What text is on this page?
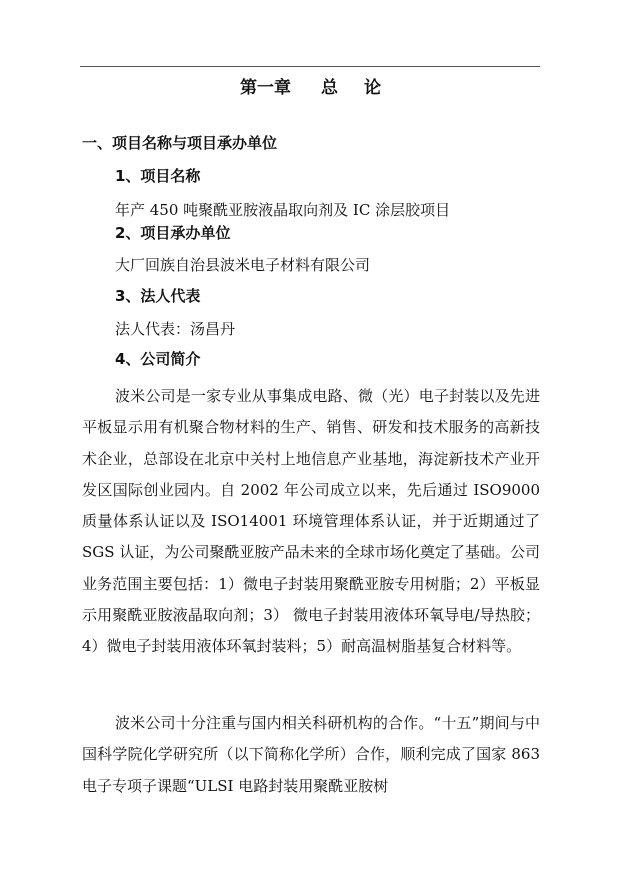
第一章 总 论
一、项目名称与项目承办单位
1、项目名称
年产 450 吨聚酰亚胺液晶取向剂及 IC 涂层胶项目
2、项目承办单位
大厂回族自治县波米电子材料有限公司
3、法人代表
法人代表：汤昌丹
4、公司简介

波米公司是一家专业从事集成电路、微（光）电子封装以及先进平板显示用有机聚合物材料的生产、销售、研发和技术服务的高新技术企业，总部设在北京中关村上地信息产业基地，海淀新技术产业开发区国际创业园内。自 2002 年公司成立以来，先后通过 ISO9000 质量体系认证以及 ISO14001 环境管理体系认证，并于近期通过了 SGS 认证，为公司聚酰亚胺产品未来的全球市场化奠定了基础。公司业务范围主要包括：1）微电子封装用聚酰亚胺专用树脂；2）平板显示用聚酰亚胺液晶取向剂；3） 微电子封装用液体环氧导电/导热胶；4）微电子封装用液体环氧封装料；5）耐高温树脂基复合材料等。

波米公司十分注重与国内相关科研机构的合作。“十五”期间与中国科学院化学研究所（以下简称化学所）合作，顺利完成了国家 863 电子专项子课题“ULSI 电路封装用聚酰亚胺树
